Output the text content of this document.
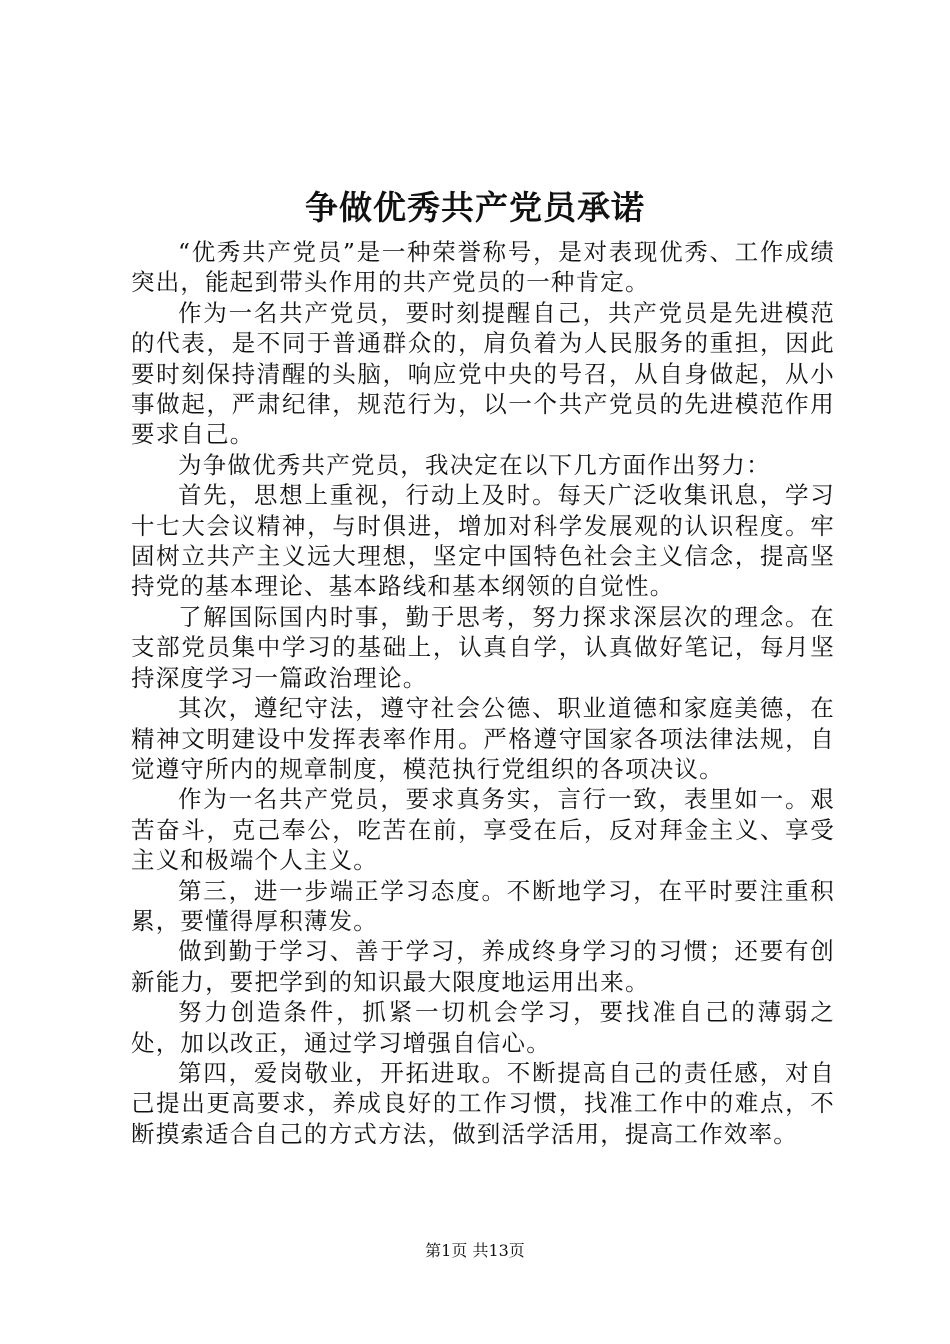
争做优秀共产党员承诺

“优秀共产党员”是一种荣誉称号，是对表现优秀、工作成绩突出，能起到带头作用的共产党员的一种肯定。

作为一名共产党员，要时刻提醒自己，共产党员是先进模范的代表，是不同于普通群众的，肩负着为人民服务的重担，因此要时刻保持清醒的头脑，响应党中央的号召，从自身做起，从小事做起，严肃纪律，规范行为，以一个共产党员的先进模范作用要求自己。

为争做优秀共产党员，我决定在以下几方面作出努力：

首先，思想上重视，行动上及时。每天广泛收集讯息，学习十七大会议精神，与时俱进，增加对科学发展观的认识程度。牢固树立共产主义远大理想，坚定中国特色社会主义信念，提高坚持党的基本理论、基本路线和基本纲领的自觉性。

了解国际国内时事，勤于思考，努力探求深层次的理念。在支部党员集中学习的基础上，认真自学，认真做好笔记，每月坚持深度学习一篇政治理论。

其次，遵纪守法，遵守社会公德、职业道德和家庭美德，在精神文明建设中发挥表率作用。严格遵守国家各项法律法规，自觉遵守所内的规章制度，模范执行党组织的各项决议。

作为一名共产党员，要求真务实，言行一致，表里如一。艰苦奋斗，克己奉公，吃苦在前，享受在后，反对拜金主义、享受主义和极端个人主义。

第三，进一步端正学习态度。不断地学习，在平时要注重积累，要懂得厚积薄发。

做到勤于学习、善于学习，养成终身学习的习惯；还要有创新能力，要把学到的知识最大限度地运用出来。

努力创造条件，抓紧一切机会学习，要找准自己的薄弱之处，加以改正，通过学习增强自信心。

第四，爱岗敬业，开拓进取。不断提高自己的责任感，对自己提出更高要求，养成良好的工作习惯，找准工作中的难点，不断摸索适合自己的方式方法，做到活学活用，提高工作效率。

第1页 共13页
